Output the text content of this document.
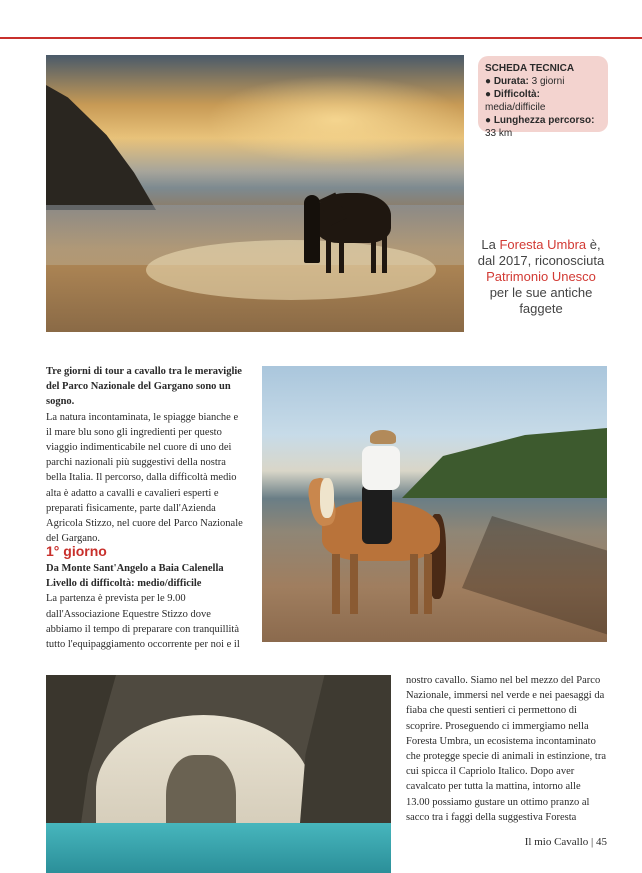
SCHEDA TECNICA
● Durata: 3 giorni
● Difficoltà: media/difficile
● Lunghezza percorso:
33 km
La Foresta Umbra è, dal 2017, riconosciuta Patrimonio Unesco per le sue antiche faggete
Tre giorni di tour a cavallo tra le meraviglie del Parco Nazionale del Gargano sono un sogno.
La natura incontaminata, le spiagge bianche e il mare blu sono gli ingredienti per questo viaggio indimenticabile nel cuore di uno dei parchi nazionali più suggestivi della nostra bella Italia. Il percorso, dalla difficoltà medio alta è adatto a cavalli e cavalieri esperti e preparati fisicamente, parte dall'Azienda Agricola Stizzo, nel cuore del Parco Nazionale del Gargano.
1° giorno
Da Monte Sant'Angelo a Baia Calenella
Livello di difficoltà: medio/difficile
La partenza è prevista per le 9.00 dall'Associazione Equestre Stizzo dove abbiamo il tempo di preparare con tranquillità tutto l'equipaggiamento occorrente per noi e il
nostro cavallo. Siamo nel bel mezzo del Parco Nazionale, immersi nel verde e nei paesaggi da fiaba che questi sentieri ci permettono di scoprire. Proseguendo ci immergiamo nella Foresta Umbra, un ecosistema incontaminato che protegge specie di animali in estinzione, tra cui spicca il Capriolo Italico. Dopo aver cavalcato per tutta la mattina, intorno alle 13.00 possiamo gustare un ottimo pranzo al sacco tra i faggi della suggestiva Foresta
Il mio Cavallo | 45
